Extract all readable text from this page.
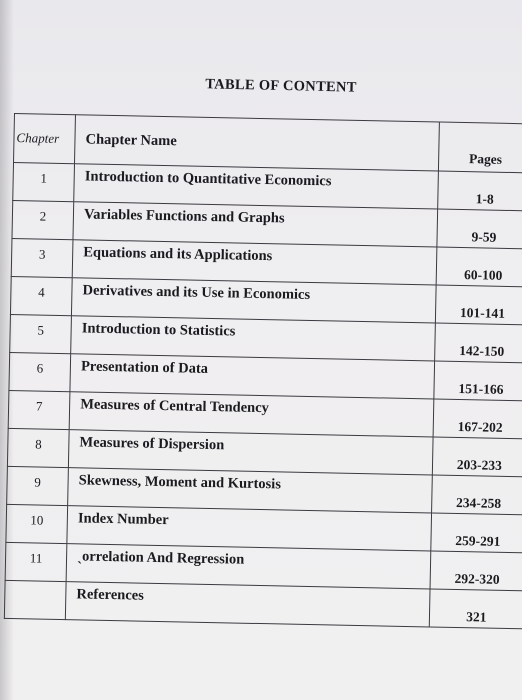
TABLE OF CONTENT
Chapter	Chapter Name	Pages
1	Introduction to Quantitative Economics	1-8
2	Variables Functions and Graphs	9-59
3	Equations and its Applications	60-100
4	Derivatives and its Use in Economics	101-141
5	Introduction to Statistics	142-150
6	Presentation of Data	151-166
7	Measures of Central Tendency	167-202
8	Measures of Dispersion	203-233
9	Skewness, Moment and Kurtosis	234-258
10	Index Number	259-291
11	ˎorrelation And Regression	292-320
	References	321
